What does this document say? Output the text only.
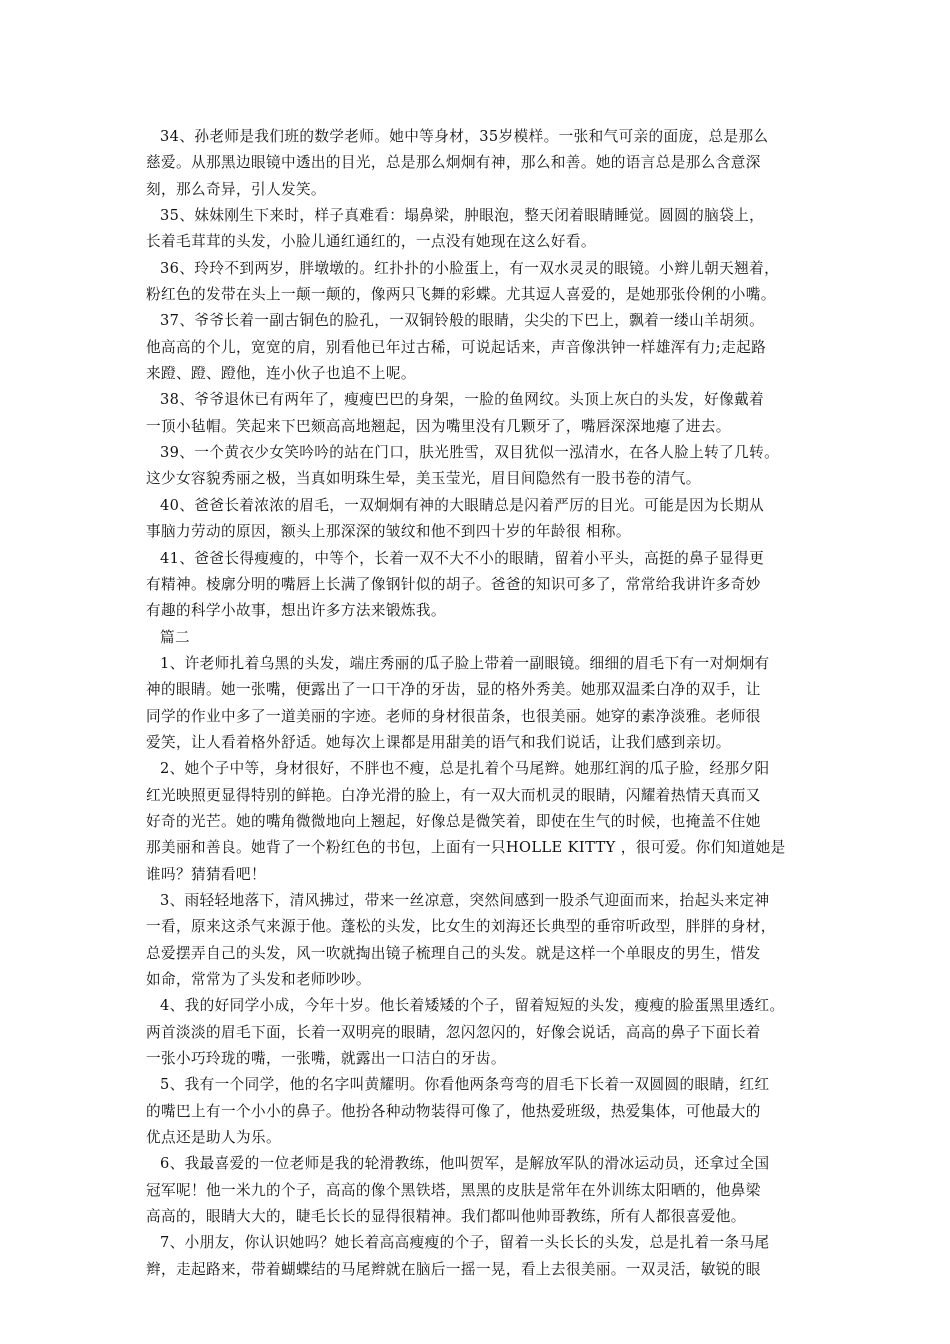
34、孙老师是我们班的数学老师。她中等身材，35岁模样。一张和气可亲的面庞，总是那么
慈爱。从那黑边眼镜中透出的目光，总是那么炯炯有神，那么和善。她的语言总是那么含意深
刻，那么奇异，引人发笑。
35、妹妹刚生下来时，样子真难看：塌鼻梁，肿眼泡，整天闭着眼睛睡觉。圆圆的脑袋上，
长着毛茸茸的头发，小脸儿通红通红的，一点没有她现在这么好看。
36、玲玲不到两岁，胖墩墩的。红扑扑的小脸蛋上，有一双水灵灵的眼镜。小辫儿朝天翘着，
粉红色的发带在头上一颠一颠的，像两只飞舞的彩蝶。尤其逗人喜爱的，是她那张伶俐的小嘴。
37、爷爷长着一副古铜色的脸孔，一双铜铃般的眼睛，尖尖的下巴上，飘着一缕山羊胡须。
他高高的个儿，宽宽的肩，别看他已年过古稀，可说起话来，声音像洪钟一样雄浑有力;走起路
来蹬、蹬、蹬他，连小伙子也追不上呢。
38、爷爷退休已有两年了，瘦瘦巴巴的身架，一脸的鱼网纹。头顶上灰白的头发，好像戴着
一顶小毡帽。笑起来下巴颏高高地翘起，因为嘴里没有几颗牙了，嘴唇深深地瘪了进去。
39、一个黄衣少女笑吟吟的站在门口，肤光胜雪，双目犹似一泓清水，在各人脸上转了几转。
这少女容貌秀丽之极，当真如明珠生晕，美玉莹光，眉目间隐然有一股书卷的清气。
40、爸爸长着浓浓的眉毛，一双炯炯有神的大眼睛总是闪着严厉的目光。可能是因为长期从
事脑力劳动的原因，额头上那深深的皱纹和他不到四十岁的年龄很 相称。
41、爸爸长得瘦瘦的，中等个，长着一双不大不小的眼睛，留着小平头，高挺的鼻子显得更
有精神。棱廓分明的嘴唇上长满了像钢针似的胡子。爸爸的知识可多了，常常给我讲许多奇妙
有趣的科学小故事，想出许多方法来锻炼我。
篇二
1、许老师扎着乌黑的头发，端庄秀丽的瓜子脸上带着一副眼镜。细细的眉毛下有一对炯炯有
神的眼睛。她一张嘴，便露出了一口干净的牙齿，显的格外秀美。她那双温柔白净的双手，让
同学的作业中多了一道美丽的字迹。老师的身材很苗条，也很美丽。她穿的素净淡雅。老师很
爱笑，让人看着格外舒适。她每次上课都是用甜美的语气和我们说话，让我们感到亲切。
2、她个子中等，身材很好，不胖也不瘦，总是扎着个马尾辫。她那红润的瓜子脸，经那夕阳
红光映照更显得特别的鲜艳。白净光滑的脸上，有一双大而机灵的眼睛，闪耀着热情天真而又
好奇的光芒。她的嘴角微微地向上翘起，好像总是微笑着，即使在生气的时候，也掩盖不住她
那美丽和善良。她背了一个粉红色的书包，上面有一只HOLLE KITTY ，很可爱。你们知道她是
谁吗？猜猜看吧！
3、雨轻轻地落下，清风拂过，带来一丝凉意，突然间感到一股杀气迎面而来，抬起头来定神
一看，原来这杀气来源于他。蓬松的头发，比女生的刘海还长典型的垂帘听政型，胖胖的身材，
总爱摆弄自己的头发，风一吹就掏出镜子梳理自己的头发。就是这样一个单眼皮的男生，惜发
如命，常常为了头发和老师吵吵。
4、我的好同学小成，今年十岁。他长着矮矮的个子，留着短短的头发，瘦瘦的脸蛋黑里透红。
两首淡淡的眉毛下面，长着一双明亮的眼睛，忽闪忽闪的，好像会说话，高高的鼻子下面长着
一张小巧玲珑的嘴，一张嘴，就露出一口洁白的牙齿。
5、我有一个同学，他的名字叫黄耀明。你看他两条弯弯的眉毛下长着一双圆圆的眼睛，红红
的嘴巴上有一个小小的鼻子。他扮各种动物装得可像了，他热爱班级，热爱集体，可他最大的
优点还是助人为乐。
6、我最喜爱的一位老师是我的轮滑教练，他叫贺军，是解放军队的滑冰运动员，还拿过全国
冠军呢！他一米九的个子，高高的像个黑铁塔，黑黑的皮肤是常年在外训练太阳晒的，他鼻梁
高高的，眼睛大大的，睫毛长长的显得很精神。我们都叫他帅哥教练，所有人都很喜爱他。
7、小朋友，你认识她吗？她长着高高瘦瘦的个子，留着一头长长的头发，总是扎着一条马尾
辫，走起路来，带着蝴蝶结的马尾辫就在脑后一摇一晃，看上去很美丽。一双灵活，敏锐的眼
